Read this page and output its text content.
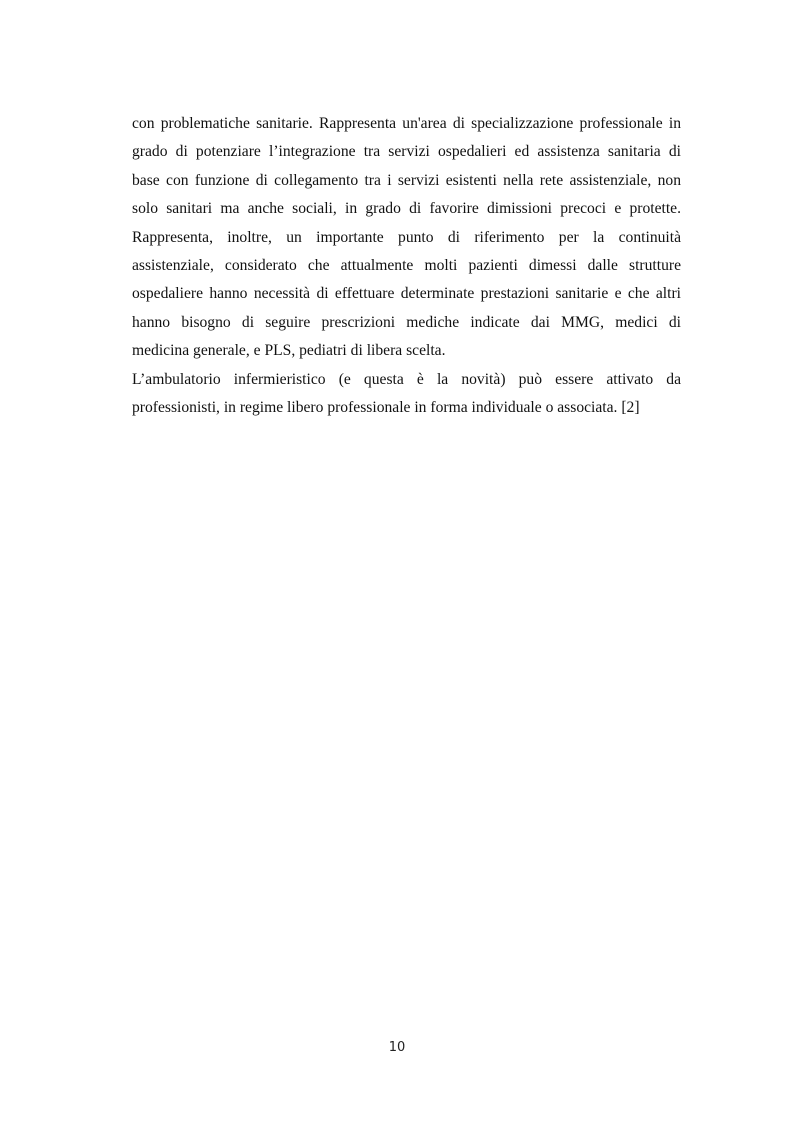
con problematiche sanitarie. Rappresenta un'area di specializzazione professionale in
grado di potenziare l’integrazione tra servizi ospedalieri ed assistenza sanitaria di
base con funzione di collegamento tra i servizi esistenti nella rete assistenziale, non
solo sanitari ma anche sociali, in grado di favorire dimissioni precoci e protette.
Rappresenta, inoltre, un importante punto di riferimento per la continuità
assistenziale, considerato che attualmente molti pazienti dimessi dalle strutture
ospedaliere hanno necessità di effettuare determinate prestazioni sanitarie e che altri
hanno bisogno di seguire prescrizioni mediche indicate dai MMG, medici di
medicina generale, e PLS, pediatri di libera scelta.
L’ambulatorio infermieristico (e questa è la novità) può essere attivato da
professionisti, in regime libero professionale in forma individuale o associata. [2]
10
